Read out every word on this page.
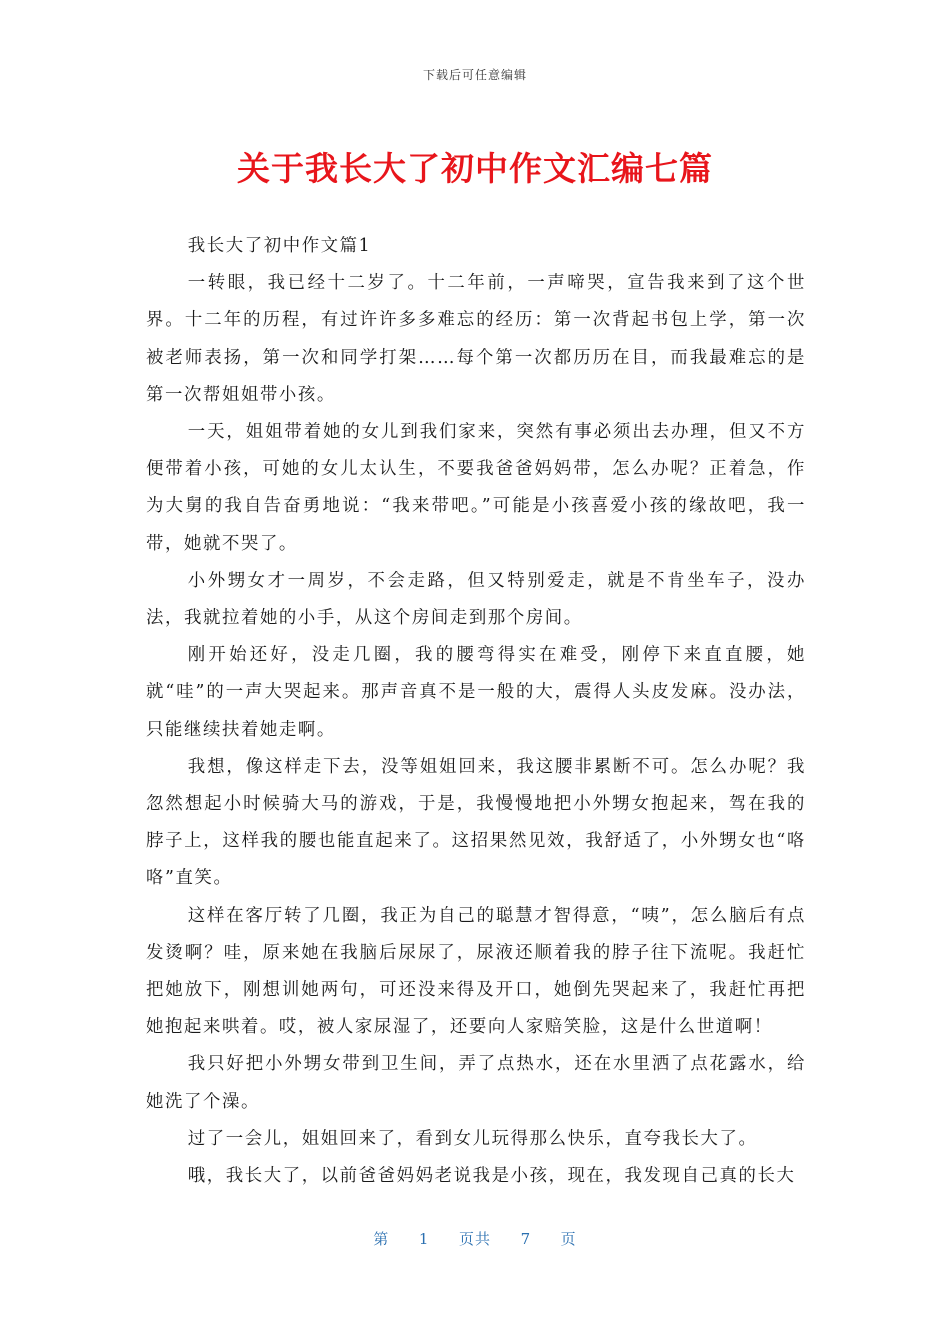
下载后可任意编辑
关于我长大了初中作文汇编七篇

我长大了初中作文篇1

一转眼，我已经十二岁了。十二年前，一声啼哭，宣告我来到了这个世界。十二年的历程，有过许许多多难忘的经历：第一次背起书包上学，第一次被老师表扬，第一次和同学打架……每个第一次都历历在目，而我最难忘的是第一次帮姐姐带小孩。

一天，姐姐带着她的女儿到我们家来，突然有事必须出去办理，但又不方便带着小孩，可她的女儿太认生，不要我爸爸妈妈带，怎么办呢？正着急，作为大舅的我自告奋勇地说：“我来带吧。”可能是小孩喜爱小孩的缘故吧，我一带，她就不哭了。

小外甥女才一周岁，不会走路，但又特别爱走，就是不肯坐车子，没办法，我就拉着她的小手，从这个房间走到那个房间。

刚开始还好，没走几圈，我的腰弯得实在难受，刚停下来直直腰，她就“哇”的一声大哭起来。那声音真不是一般的大，震得人头皮发麻。没办法，只能继续扶着她走啊。

我想，像这样走下去，没等姐姐回来，我这腰非累断不可。怎么办呢？我忽然想起小时候骑大马的游戏，于是，我慢慢地把小外甥女抱起来，驾在我的脖子上，这样我的腰也能直起来了。这招果然见效，我舒适了，小外甥女也“咯咯”直笑。

这样在客厅转了几圈，我正为自己的聪慧才智得意，“咦”，怎么脑后有点发烫啊？哇，原来她在我脑后尿尿了，尿液还顺着我的脖子往下流呢。我赶忙把她放下，刚想训她两句，可还没来得及开口，她倒先哭起来了，我赶忙再把她抱起来哄着。哎，被人家尿湿了，还要向人家赔笑脸，这是什么世道啊！

我只好把小外甥女带到卫生间，弄了点热水，还在水里洒了点花露水，给她洗了个澡。

过了一会儿，姐姐回来了，看到女儿玩得那么快乐，直夸我长大了。

哦，我长大了，以前爸爸妈妈老说我是小孩，现在，我发现自己真的长大

第 1 页共 7 页
